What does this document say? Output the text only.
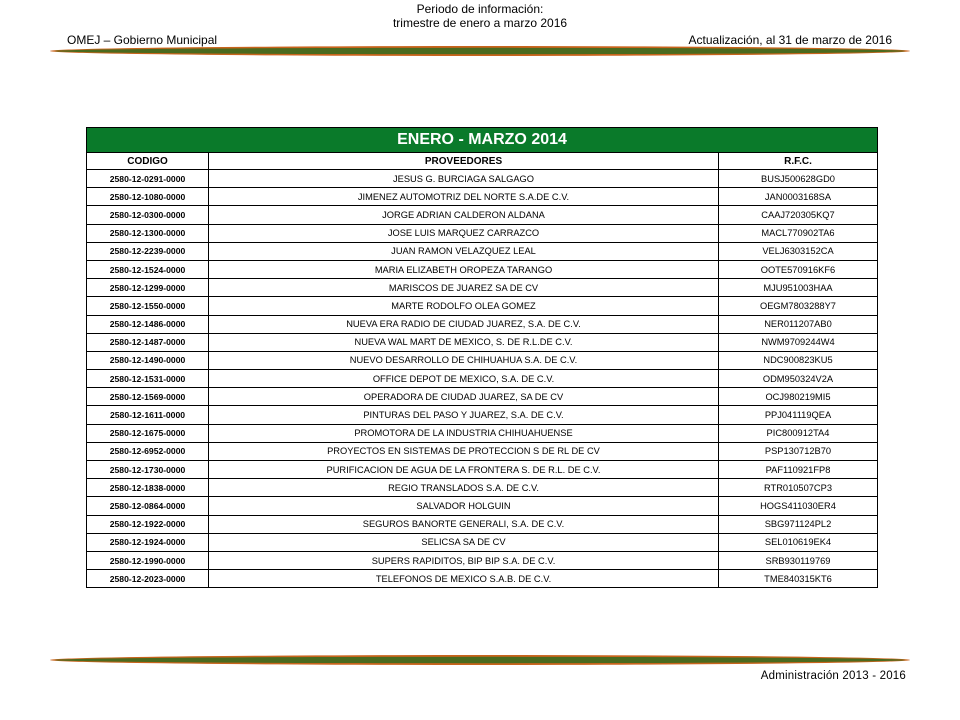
Periodo de información:
trimestre de enero a marzo 2016
OMEJ – Gobierno Municipal	Actualización, al 31 de marzo de 2016
ENERO - MARZO 2014		
CODIGO	PROVEEDORES	R.F.C.
2580-12-0291-0000	JESUS G. BURCIAGA SALGAGO	BUSJ500628GD0
2580-12-1080-0000	JIMENEZ AUTOMOTRIZ DEL NORTE S.A.DE C.V.	JAN0003168SA
2580-12-0300-0000	JORGE ADRIAN CALDERON ALDANA	CAAJ720305KQ7
2580-12-1300-0000	JOSE LUIS MARQUEZ CARRAZCO	MACL770902TA6
2580-12-2239-0000	JUAN RAMON VELAZQUEZ LEAL	VELJ6303152CA
2580-12-1524-0000	MARIA ELIZABETH OROPEZA TARANGO	OOTE570916KF6
2580-12-1299-0000	MARISCOS DE JUAREZ SA DE CV	MJU951003HAA
2580-12-1550-0000	MARTE RODOLFO OLEA GOMEZ	OEGM7803288Y7
2580-12-1486-0000	NUEVA ERA RADIO DE CIUDAD JUAREZ, S.A. DE C.V.	NER011207AB0
2580-12-1487-0000	NUEVA WAL MART DE MEXICO, S. DE R.L.DE C.V.	NWM9709244W4
2580-12-1490-0000	NUEVO DESARROLLO DE CHIHUAHUA S.A. DE C.V.	NDC900823KU5
2580-12-1531-0000	OFFICE DEPOT DE MEXICO, S.A. DE C.V.	ODM950324V2A
2580-12-1569-0000	OPERADORA DE CIUDAD JUAREZ, SA DE CV	OCJ980219MI5
2580-12-1611-0000	PINTURAS DEL PASO Y JUAREZ, S.A. DE C.V.	PPJ041119QEA
2580-12-1675-0000	PROMOTORA DE LA INDUSTRIA CHIHUAHUENSE	PIC800912TA4
2580-12-6952-0000	PROYECTOS EN SISTEMAS DE PROTECCION S DE RL DE CV	PSP130712B70
2580-12-1730-0000	PURIFICACION DE AGUA DE LA FRONTERA S. DE R.L. DE C.V.	PAF110921FP8
2580-12-1838-0000	REGIO TRANSLADOS S.A. DE C.V.	RTR010507CP3
2580-12-0864-0000	SALVADOR HOLGUIN	HOGS411030ER4
2580-12-1922-0000	SEGUROS BANORTE GENERALI, S.A. DE C.V.	SBG971124PL2
2580-12-1924-0000	SELICSA SA DE CV	SEL010619EK4
2580-12-1990-0000	SUPERS RAPIDITOS, BIP BIP S.A. DE C.V.	SRB930119769
2580-12-2023-0000	TELEFONOS DE MEXICO S.A.B. DE C.V.	TME840315KT6
Administración 2013 - 2016
